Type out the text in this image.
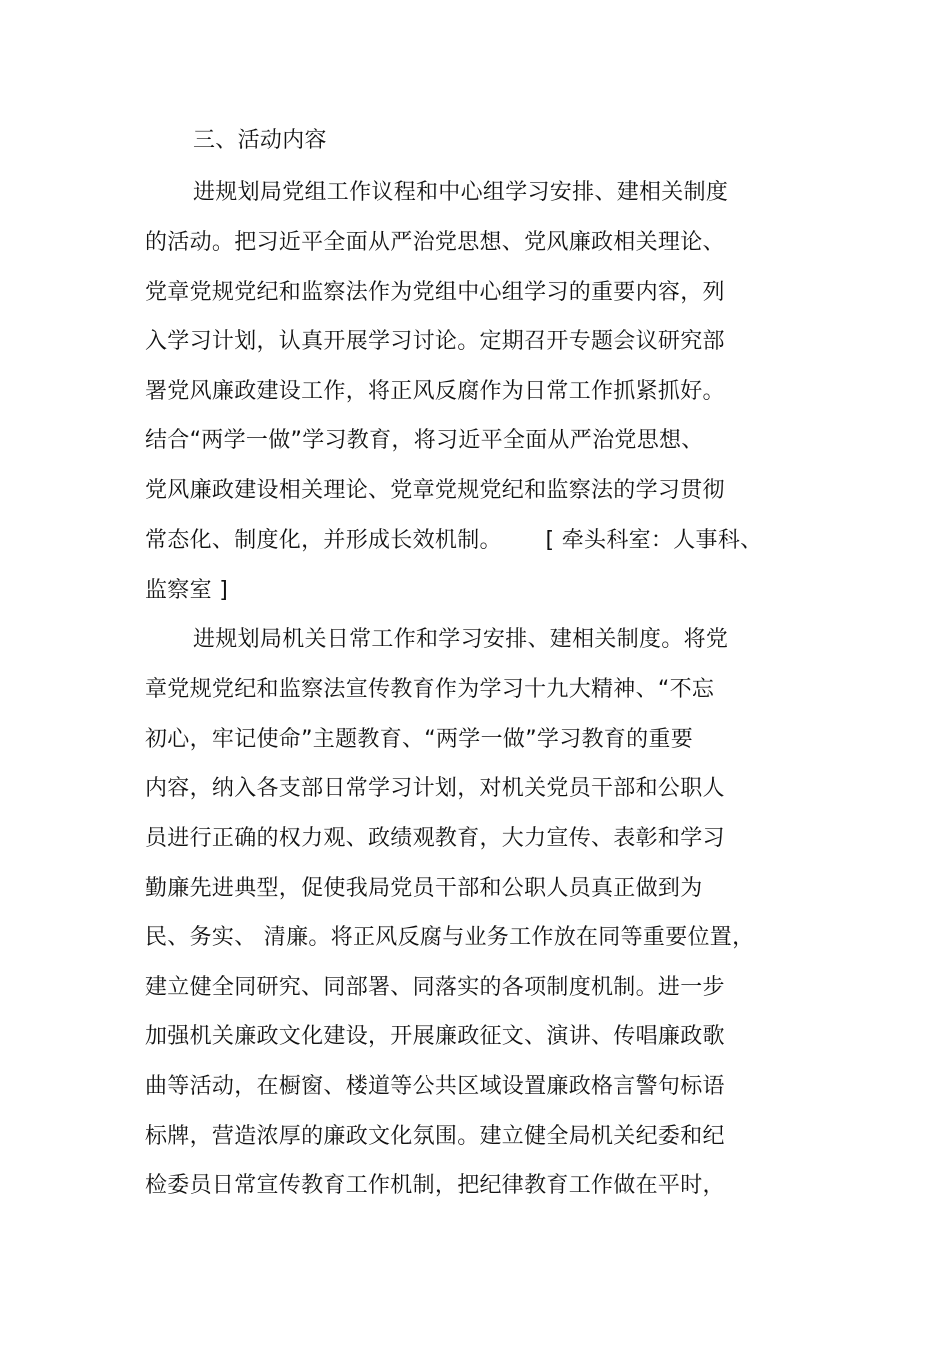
三、活动内容
进规划局党组工作议程和中心组学习安排、建相关制度
的活动。把习近平全面从严治党思想、党风廉政相关理论、
党章党规党纪和监察法作为党组中心组学习的重要内容，列
入学习计划，认真开展学习讨论。定期召开专题会议研究部
署党风廉政建设工作，将正风反腐作为日常工作抓紧抓好。
结合“两学一做”学习教育，将习近平全面从严治党思想、
党风廉政建设相关理论、党章党规党纪和监察法的学习贯彻
常态化、制度化，并形成长效机制。      [ 牵头科室：人事科、
监察室 ]
进规划局机关日常工作和学习安排、建相关制度。将党
章党规党纪和监察法宣传教育作为学习十九大精神、“不忘
初心，牢记使命”主题教育、“两学一做”学习教育的重要
内容，纳入各支部日常学习计划，对机关党员干部和公职人
员进行正确的权力观、政绩观教育，大力宣传、表彰和学习
勤廉先进典型，促使我局党员干部和公职人员真正做到为
民、务实、 清廉。将正风反腐与业务工作放在同等重要位置，
建立健全同研究、同部署、同落实的各项制度机制。进一步
加强机关廉政文化建设，开展廉政征文、演讲、传唱廉政歌
曲等活动，在橱窗、楼道等公共区域设置廉政格言警句标语
标牌，营造浓厚的廉政文化氛围。建立健全局机关纪委和纪
检委员日常宣传教育工作机制，把纪律教育工作做在平时，
